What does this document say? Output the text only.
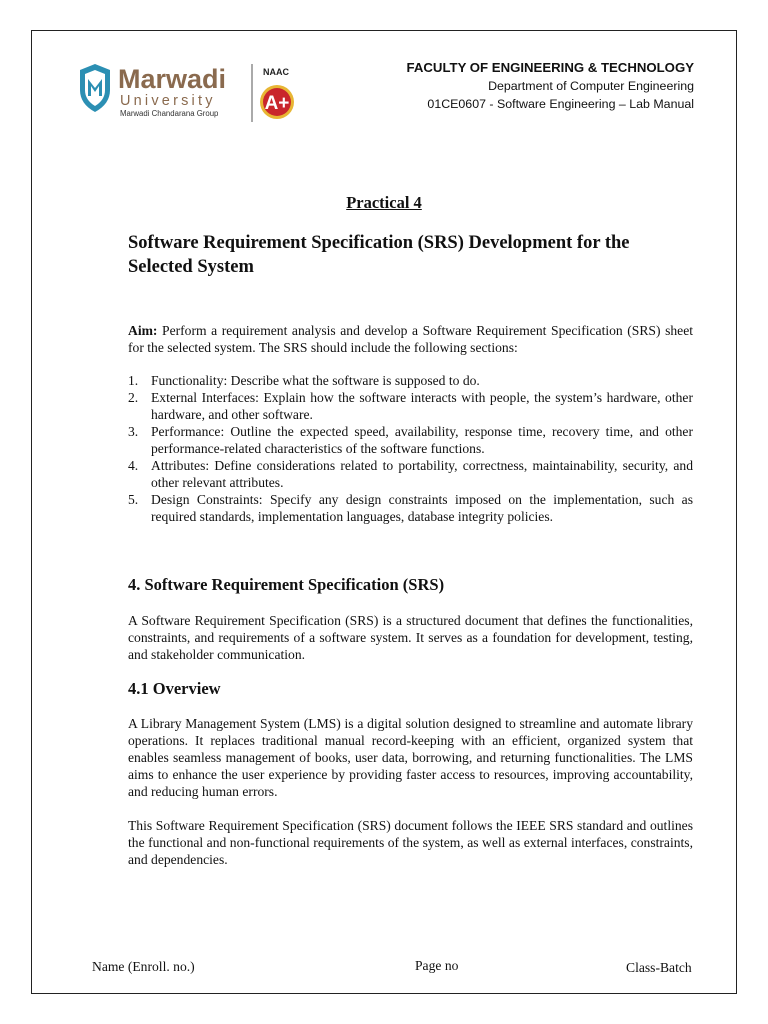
Marwadi
University
Marwadi Chandarana Group
NAAC
A+
FACULTY OF ENGINEERING & TECHNOLOGY
Department of Computer Engineering
01CE0607 - Software Engineering – Lab Manual
Practical 4
Software Requirement Specification (SRS) Development for the Selected System

Aim: Perform a requirement analysis and develop a Software Requirement Specification (SRS) sheet for the selected system. The SRS should include the following sections:

1. Functionality: Describe what the software is supposed to do.
2. External Interfaces: Explain how the software interacts with people, the system’s hardware, other hardware, and other software.
3. Performance: Outline the expected speed, availability, response time, recovery time, and other performance-related characteristics of the software functions.
4. Attributes: Define considerations related to portability, correctness, maintainability, security, and other relevant attributes.
5. Design Constraints: Specify any design constraints imposed on the implementation, such as required standards, implementation languages, database integrity policies.
4. Software Requirement Specification (SRS)

A Software Requirement Specification (SRS) is a structured document that defines the functionalities, constraints, and requirements of a software system. It serves as a foundation for development, testing, and stakeholder communication.

4.1 Overview

A Library Management System (LMS) is a digital solution designed to streamline and automate library operations. It replaces traditional manual record-keeping with an efficient, organized system that enables seamless management of books, user data, borrowing, and returning functionalities. The LMS aims to enhance the user experience by providing faster access to resources, improving accountability, and reducing human errors.

This Software Requirement Specification (SRS) document follows the IEEE SRS standard and outlines the functional and non-functional requirements of the system, as well as external interfaces, constraints, and dependencies.

Name (Enroll. no.)	Page no	Class-Batch
